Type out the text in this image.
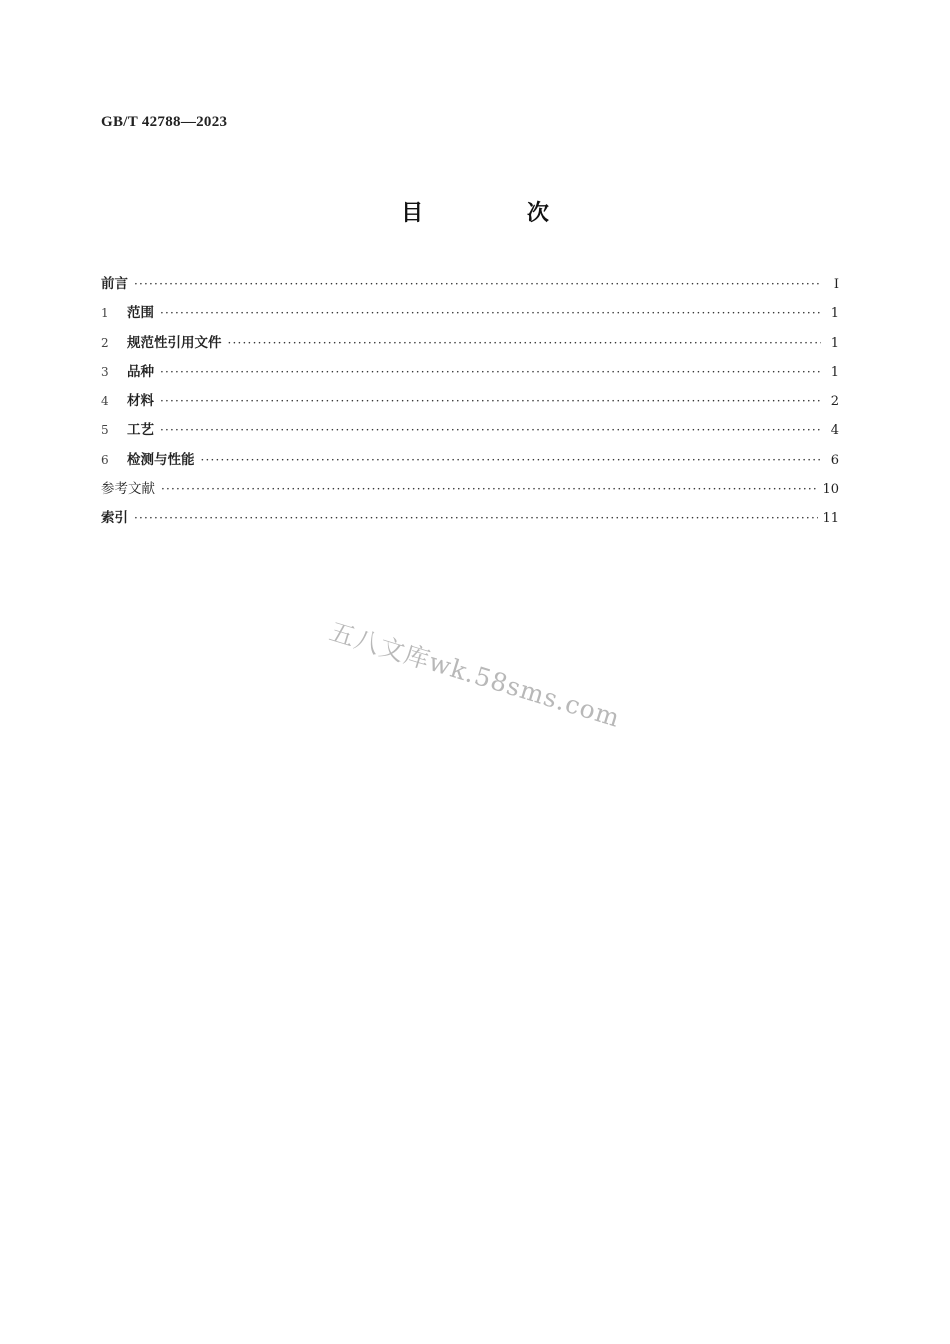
GB/T 42788—2023
目 次
前言 ·····	I
1	范围 ·····	1
2	规范性引用文件 ·····	1
3	品种 ·····	1
4	材料 ·····	2
5	工艺 ·····	4
6	检测与性能 ·····	6
参考文献 ·····	10
索引 ·····	11
五八文库wk.58sms.com
